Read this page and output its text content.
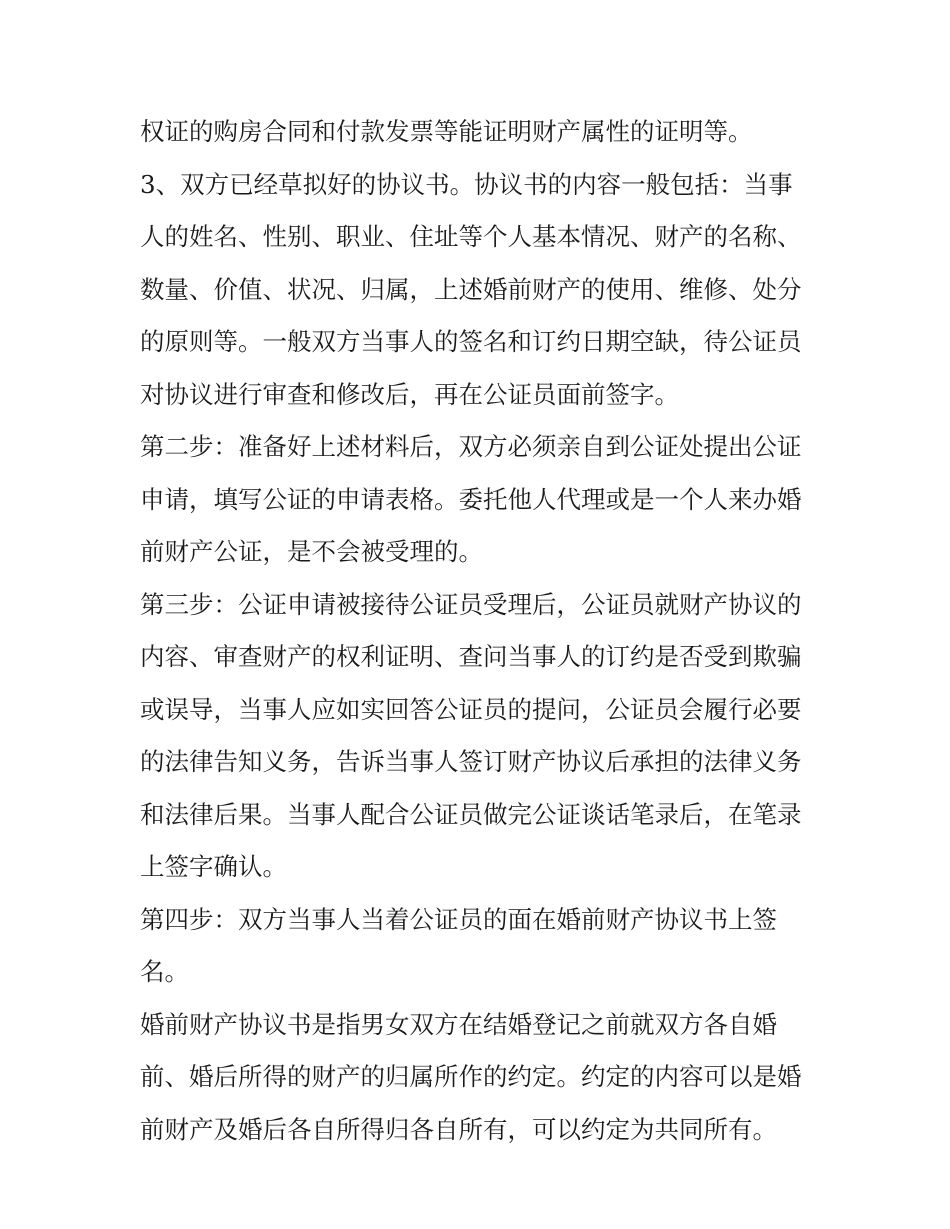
权证的购房合同和付款发票等能证明财产属性的证明等。
3、双方已经草拟好的协议书。协议书的内容一般包括：当事
人的姓名、性别、职业、住址等个人基本情况、财产的名称、
数量、价值、状况、归属，上述婚前财产的使用、维修、处分
的原则等。一般双方当事人的签名和订约日期空缺，待公证员
对协议进行审查和修改后，再在公证员面前签字。
第二步：准备好上述材料后，双方必须亲自到公证处提出公证
申请，填写公证的申请表格。委托他人代理或是一个人来办婚
前财产公证，是不会被受理的。
第三步：公证申请被接待公证员受理后，公证员就财产协议的
内容、审查财产的权利证明、查问当事人的订约是否受到欺骗
或误导，当事人应如实回答公证员的提问，公证员会履行必要
的法律告知义务，告诉当事人签订财产协议后承担的法律义务
和法律后果。当事人配合公证员做完公证谈话笔录后，在笔录
上签字确认。
第四步：双方当事人当着公证员的面在婚前财产协议书上签
名。
婚前财产协议书是指男女双方在结婚登记之前就双方各自婚
前、婚后所得的财产的归属所作的约定。约定的内容可以是婚
前财产及婚后各自所得归各自所有，可以约定为共同所有。
